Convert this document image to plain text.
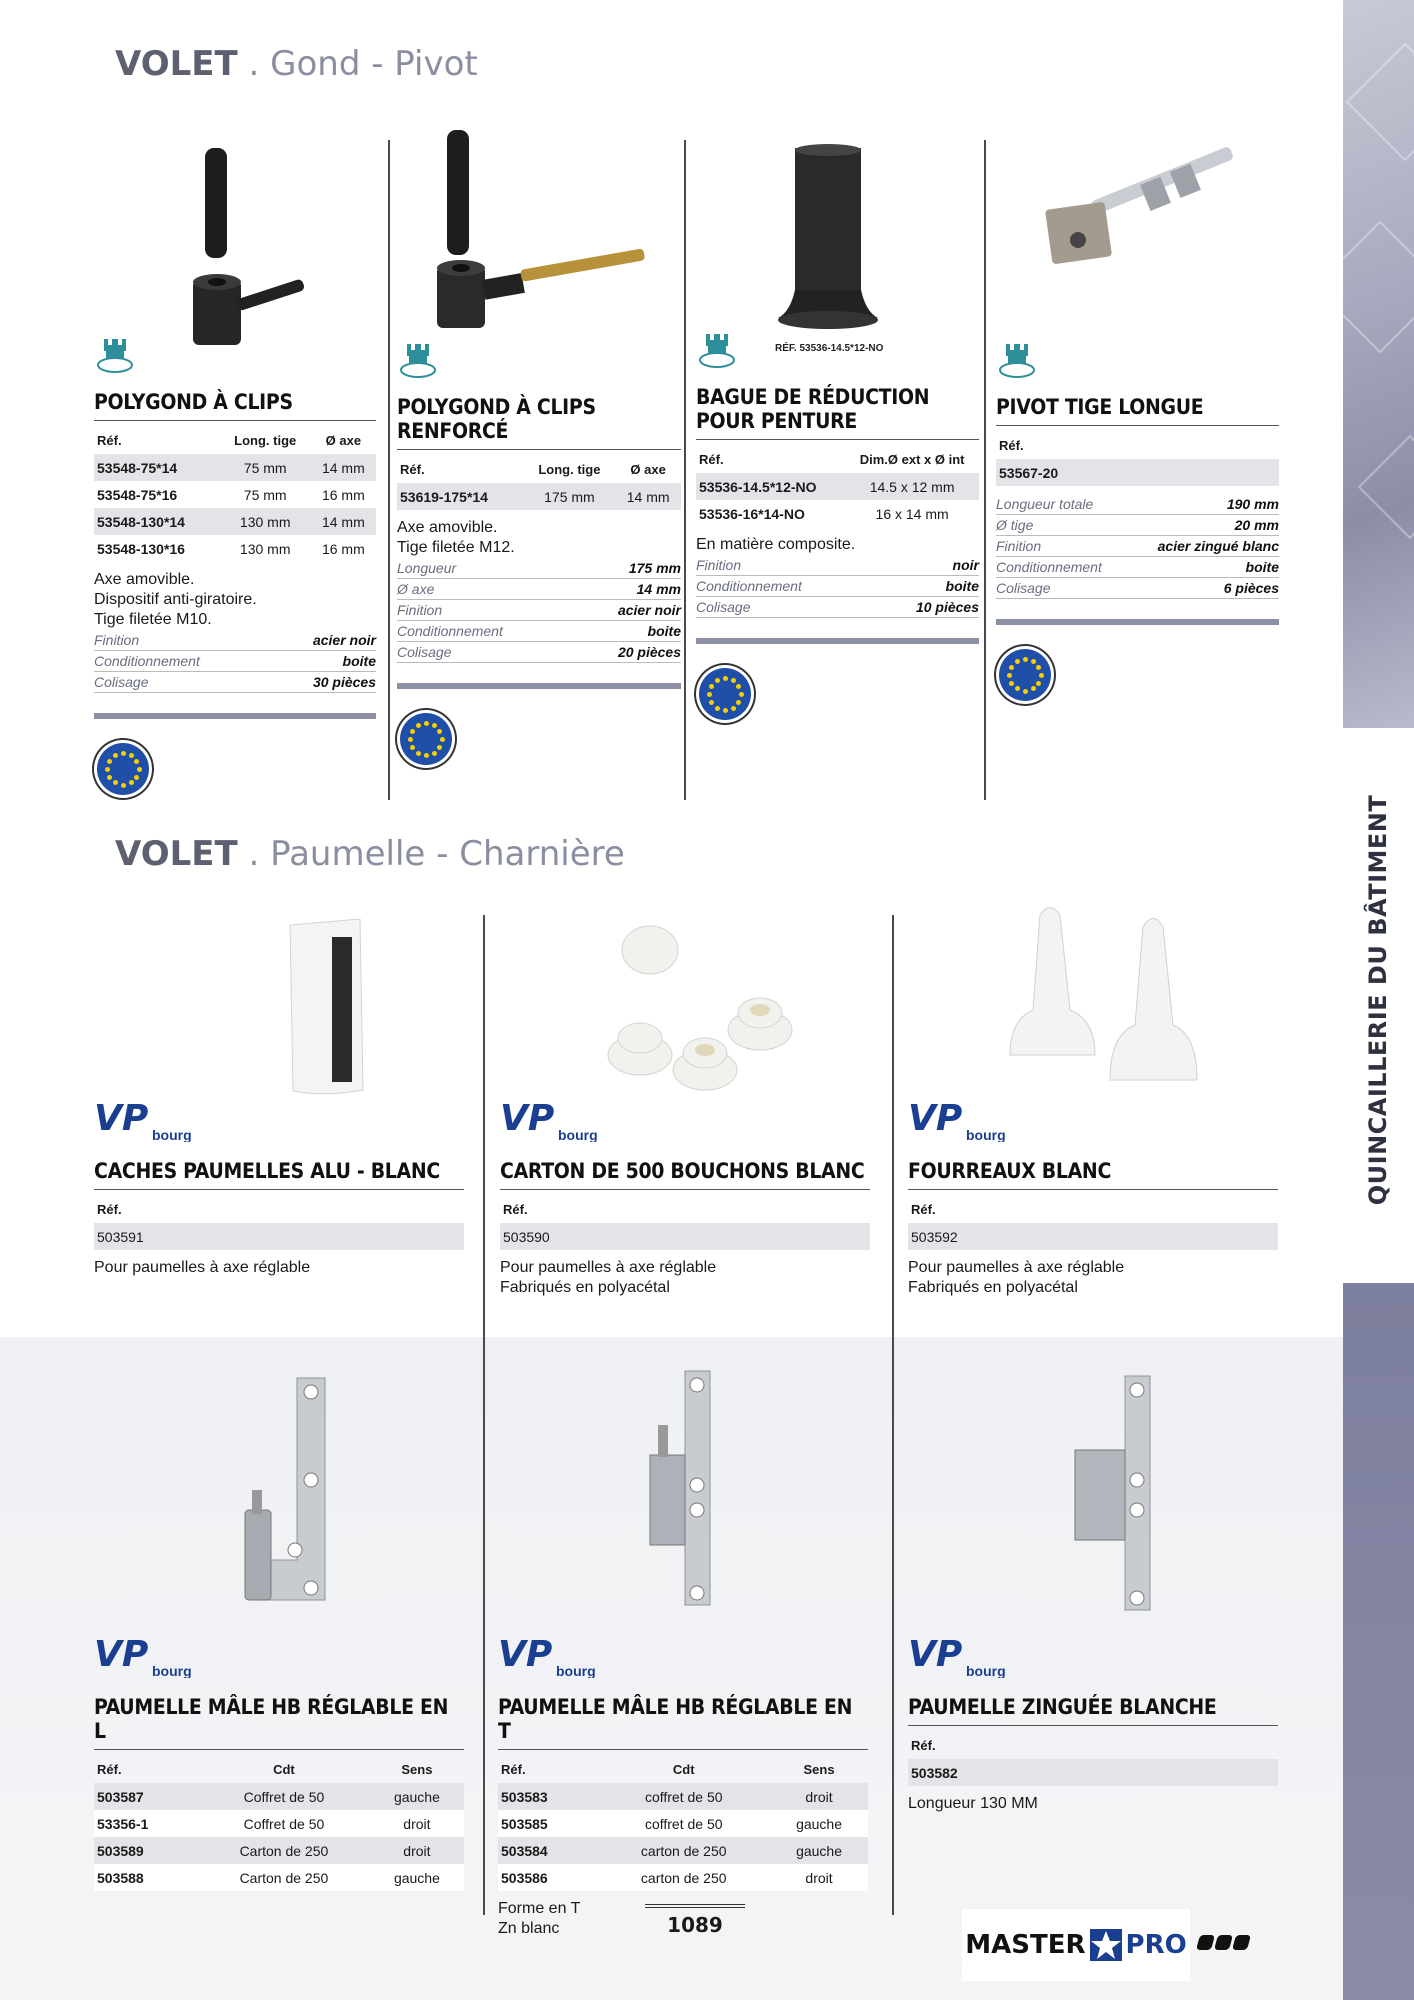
QUINCAILLERIE DU BÂTIMENT
VOLET . Gond - Pivot
VOLET . Paumelle - Charnière
RÉF. 53536-14.5*12-NO
POLYGOND À CLIPS
Réf.	Long. tige	Ø axe
53548-75*14	75 mm	14 mm
53548-75*16	75 mm	16 mm
53548-130*14	130 mm	14 mm
53548-130*16	130 mm	16 mm
Axe amovible.
Dispositif anti-giratoire.
Tige filetée M10.
Finition	acier noir
Conditionnement	boite
Colisage	30 pièces
POLYGOND À CLIPS RENFORCÉ
Réf.	Long. tige	Ø axe
53619-175*14	175 mm	14 mm
Axe amovible.
Tige filetée M12.
Longueur	175 mm
Ø axe	14 mm
Finition	acier noir
Conditionnement	boite
Colisage	20 pièces
BAGUE DE RÉDUCTION POUR PENTURE
Réf.	Dim.Ø ext x Ø int
53536-14.5*12-NO	14.5 x 12 mm
53536-16*14-NO	16 x 14 mm
En matière composite.
Finition	noir
Conditionnement	boite
Colisage	10 pièces
PIVOT TIGE LONGUE
Réf.
53567-20
Longueur totale	190 mm
Ø tige	20 mm
Finition	acier zingué blanc
Conditionnement	boite
Colisage	6 pièces
VP bourg
CACHES PAUMELLES ALU - BLANC
Réf.
503591
Pour paumelles à axe réglable
VP bourg
CARTON DE 500 BOUCHONS BLANC
Réf.
503590
Pour paumelles à axe réglable
Fabriqués en polyacétal
VP bourg
FOURREAUX BLANC
Réf.
503592
Pour paumelles à axe réglable
Fabriqués en polyacétal
VP bourg
PAUMELLE MÂLE HB RÉGLABLE EN L
Réf.	Cdt	Sens
503587	Coffret de 50	gauche
53356-1	Coffret de 50	droit
503589	Carton de 250	droit
503588	Carton de 250	gauche
VP bourg
PAUMELLE MÂLE HB RÉGLABLE EN T
Réf.	Cdt	Sens
503583	coffret de 50	droit
503585	coffret de 50	gauche
503584	carton de 250	gauche
503586	carton de 250	droit
Forme en T
Zn blanc
VP bourg
PAUMELLE ZINGUÉE BLANCHE
Réf.
503582
Longueur 130 MM
1089
MASTER PRO
